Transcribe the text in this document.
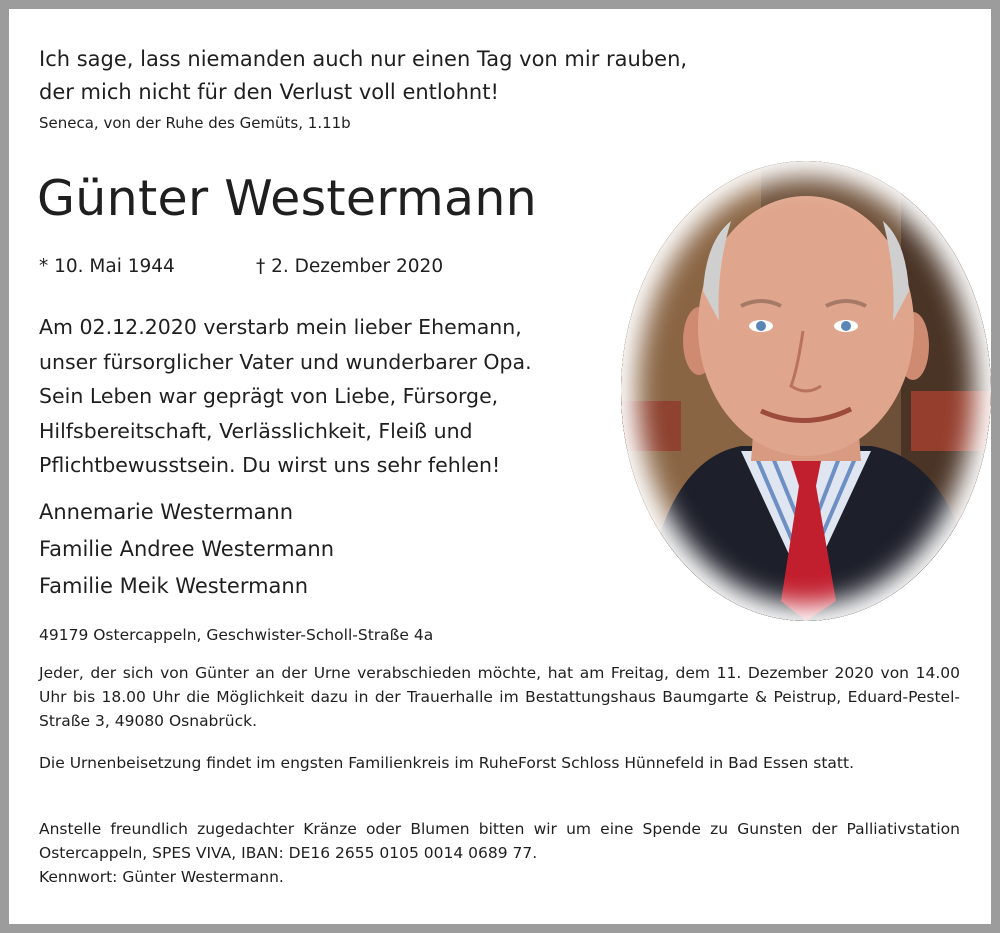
Ich sage, lass niemanden auch nur einen Tag von mir rauben,
der mich nicht für den Verlust voll entlohnt!
Seneca, von der Ruhe des Gemüts, 1.11b
Günter Westermann
* 10. Mai 1944	† 2. Dezember 2020
Am 02.12.2020 verstarb mein lieber Ehemann,
unser fürsorglicher Vater und wunderbarer Opa.
Sein Leben war geprägt von Liebe, Fürsorge,
Hilfsbereitschaft, Verlässlichkeit, Fleiß und
Pflichtbewusstsein. Du wirst uns sehr fehlen!
Annemarie Westermann
Familie Andree Westermann
Familie Meik Westermann
49179 Ostercappeln, Geschwister-Scholl-Straße 4a

Jeder, der sich von Günter an der Urne verabschieden möchte, hat am Freitag, dem 11. Dezember 2020 von 14.00 Uhr bis 18.00 Uhr die Möglichkeit dazu in der Trauerhalle im Bestattungshaus Baumgarte & Peistrup, Eduard-Pestel-Straße 3, 49080 Osnabrück.

Die Urnenbeisetzung findet im engsten Familienkreis im RuheForst Schloss Hünnefeld in Bad Essen statt.

Anstelle freundlich zugedachter Kränze oder Blumen bitten wir um eine Spende zu Gunsten der Palliativstation Ostercappeln, SPES VIVA, IBAN: DE16 2655 0105 0014 0689 77.
Kennwort: Günter Westermann.
